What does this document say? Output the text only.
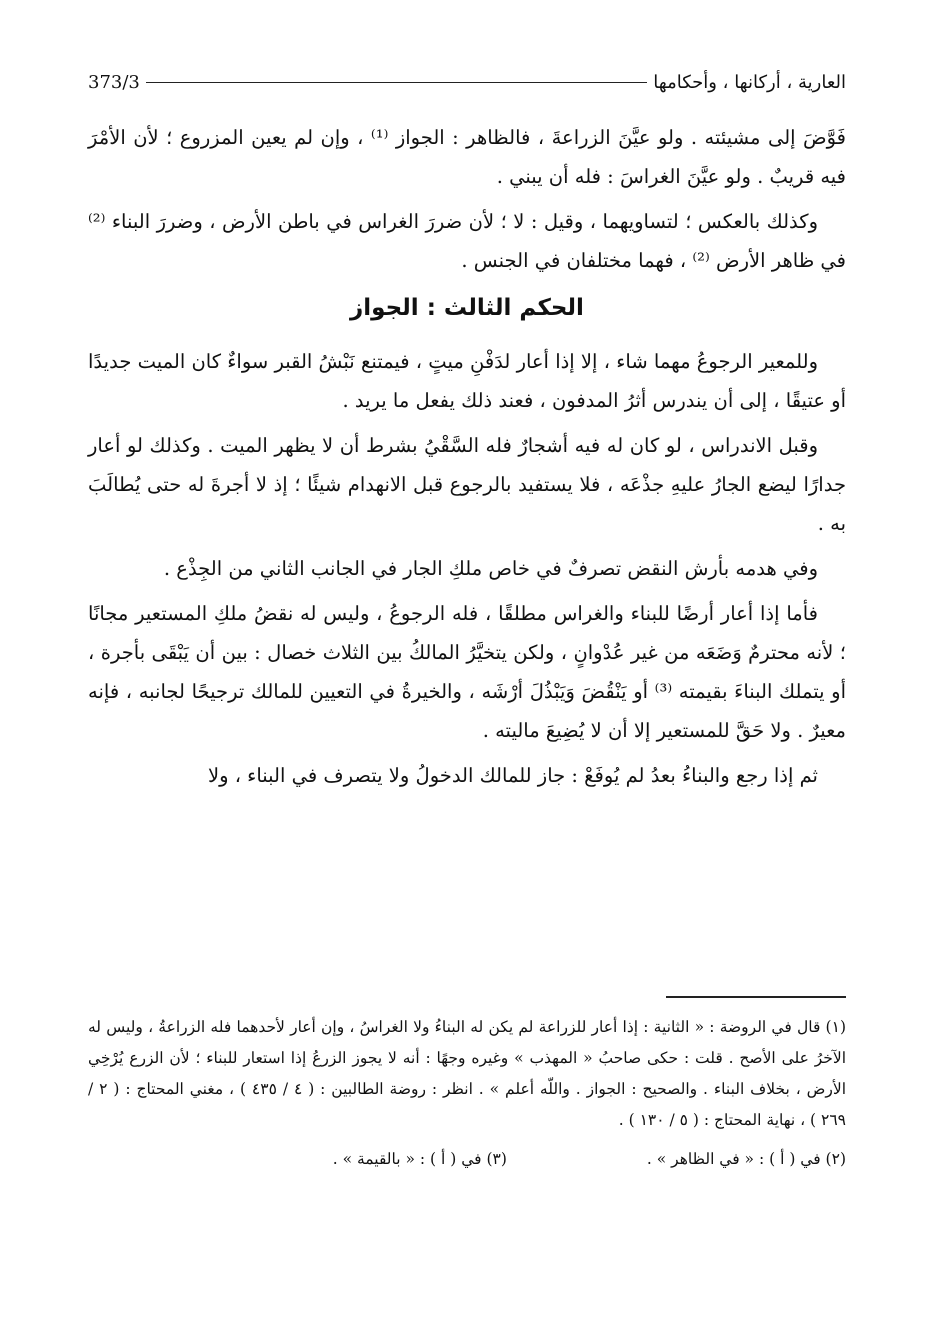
العارية ، أركانها ، وأحكامها
373/3

فَوَّضَ إلى مشيئته . ولو عيَّنَ الزراعةَ ، فالظاهر : الجواز ⁽¹⁾ ، وإن لم يعين المزروع ؛ لأن الأمْرَ فيه قريبٌ . ولو عيَّنَ الغراسَ : فله أن يبني .

وكذلك بالعكس ؛ لتساويهما ، وقيل : لا ؛ لأن ضررَ الغراس في باطن الأرض ، وضررَ البناء ⁽²⁾ في ظاهر الأرض ⁽²⁾ ، فهما مختلفان في الجنس .

الحكم الثالث : الجواز

وللمعير الرجوعُ مهما شاء ، إلا إذا أعار لدَفْنِ ميتٍ ، فيمتنع نَبْشُ القبر سواءٌ كان الميت جديدًا أو عتيقًا ، إلى أن يندرس أثرُ المدفون ، فعند ذلك يفعل ما يريد .

وقبل الاندراس ، لو كان له فيه أشجارٌ فله السَّقْيُ بشرط أن لا يظهر الميت . وكذلك لو أعار جدارًا ليضع الجارُ عليهِ جذْعَه ، فلا يستفيد بالرجوع قبل الانهدام شيئًا ؛ إذ لا أجرةَ له حتى يُطالَبَ به .

وفي هدمه بأرش النقض تصرفٌ في خاص ملكِ الجار في الجانب الثاني من الجِذْع .

فأما إذا أعار أرضًا للبناء والغراس مطلقًا ، فله الرجوعُ ، وليس له نقضُ ملكِ المستعير مجانًا ؛ لأنه محترمٌ وَضَعَه من غير عُدْوانٍ ، ولكن يتخيَّرُ المالكُ بين الثلاث خصال : بين أن يَبْقَى بأجرة ، أو يتملك البناءَ بقيمته ⁽³⁾ أو يَنْقُضَ وَيَبْذُلَ أرْشَه ، والخيرةُ في التعيين للمالك ترجيحًا لجانبه ، فإنه معيرٌ . ولا حَقَّ للمستعير إلا أن لا يُضِيعَ ماليته .

ثم إذا رجع والبناءُ بعدُ لم يُوفَعْ : جاز للمالك الدخولُ ولا يتصرف في البناء ، ولا

(١) قال في الروضة : « الثانية : إذا أعار للزراعة لم يكن له البناءُ ولا الغراسُ ، وإن أعار لأحدهما فله الزراعةُ ، وليس له الآخرُ على الأصح . قلت : حكى صاحبُ « المهذب » وغيره وجهًا : أنه لا يجوز الزرعُ إذا استعار للبناء ؛ لأن الزرع يُرْخِي الأرض ، بخلاف البناء . والصحيح : الجواز . واللّه أعلم » . انظر : روضة الطالبين : ( ٤ / ٤٣٥ ) ، مغني المحتاج : ( ٢ / ٢٦٩ ) ، نهاية المحتاج : ( ٥ / ١٣٠ ) .
(٢) في ( أ ) : « في الظاهر » .
(٣) في ( أ ) : « بالقيمة » .
